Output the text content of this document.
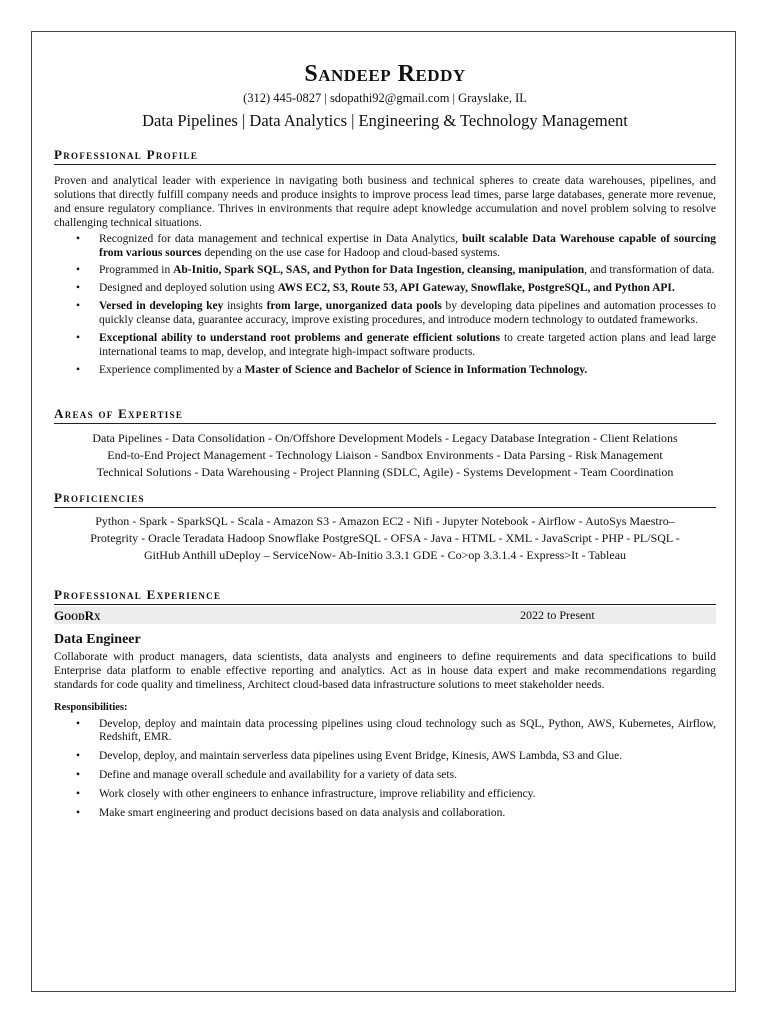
Sandeep Reddy
(312) 445-0827 | sdopathi92@gmail.com | Grayslake, IL
Data Pipelines | Data Analytics | Engineering & Technology Management
Professional Profile
Proven and analytical leader with experience in navigating both business and technical spheres to create data warehouses, pipelines, and solutions that directly fulfill company needs and produce insights to improve process lead times, parse large databases, generate more revenue, and ensure regulatory compliance. Thrives in environments that require adept knowledge accumulation and novel problem solving to resolve challenging technical situations.
• Recognized for data management and technical expertise in Data Analytics, built scalable Data Warehouse capable of sourcing from various sources depending on the use case for Hadoop and cloud-based systems.
• Programmed in Ab-Initio, Spark SQL, SAS, and Python for Data Ingestion, cleansing, manipulation, and transformation of data.
• Designed and deployed solution using AWS EC2, S3, Route 53, API Gateway, Snowflake, PostgreSQL, and Python API.
• Versed in developing key insights from large, unorganized data pools by developing data pipelines and automation processes to quickly cleanse data, guarantee accuracy, improve existing procedures, and introduce modern technology to outdated frameworks.
• Exceptional ability to understand root problems and generate efficient solutions to create targeted action plans and lead large international teams to map, develop, and integrate high-impact software products.
• Experience complimented by a Master of Science and Bachelor of Science in Information Technology.
Areas of Expertise
Data Pipelines - Data Consolidation - On/Offshore Development Models - Legacy Database Integration - Client Relations
End-to-End Project Management - Technology Liaison - Sandbox Environments - Data Parsing - Risk Management
Technical Solutions - Data Warehousing - Project Planning (SDLC, Agile) - Systems Development - Team Coordination
Proficiencies
Python - Spark - SparkSQL - Scala - Amazon S3 - Amazon EC2 - Nifi - Jupyter Notebook - Airflow - AutoSys Maestro–
Protegrity - Oracle Teradata Hadoop Snowflake PostgreSQL - OFSA - Java - HTML - XML - JavaScript - PHP - PL/SQL -
GitHub Anthill uDeploy – ServiceNow- Ab-Initio 3.3.1 GDE - Co>op 3.3.1.4 - Express>It - Tableau
Professional Experience
GoodRx	2022 to Present
Data Engineer
Collaborate with product managers, data scientists, data analysts and engineers to define requirements and data specifications to build Enterprise data platform to enable effective reporting and analytics. Act as in house data expert and make recommendations regarding standards for code quality and timeliness, Architect cloud-based data infrastructure solutions to meet stakeholder needs.
Responsibilities:
• Develop, deploy and maintain data processing pipelines using cloud technology such as SQL, Python, AWS, Kubernetes, Airflow, Redshift, EMR.
• Develop, deploy, and maintain serverless data pipelines using Event Bridge, Kinesis, AWS Lambda, S3 and Glue.
• Define and manage overall schedule and availability for a variety of data sets.
• Work closely with other engineers to enhance infrastructure, improve reliability and efficiency.
• Make smart engineering and product decisions based on data analysis and collaboration.
